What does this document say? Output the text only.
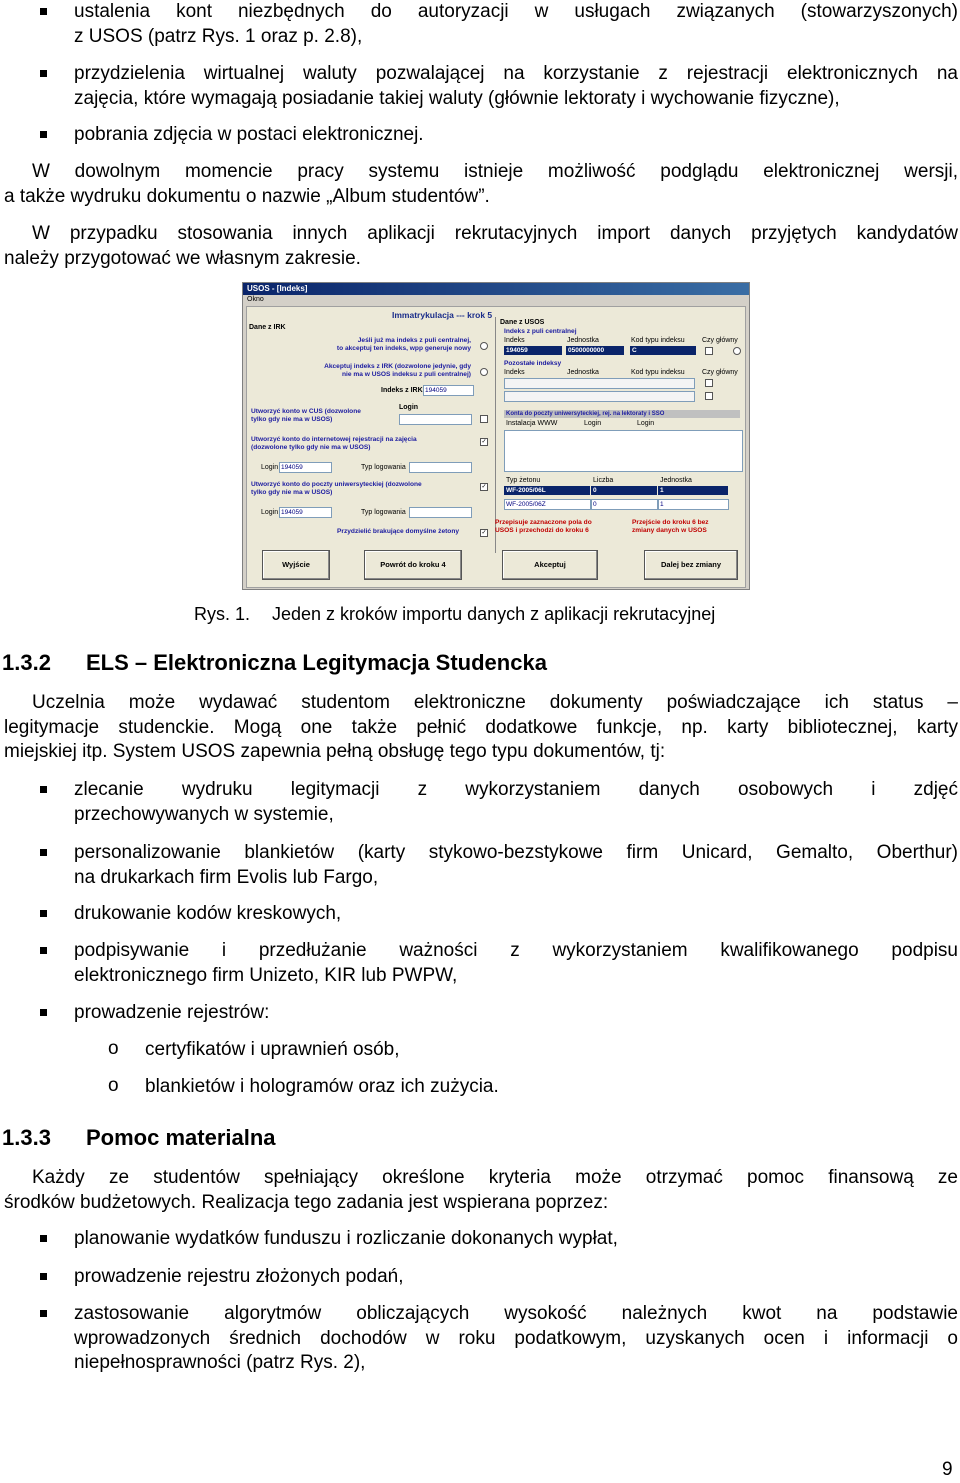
ustalenia kont niezbędnych do autoryzacji w usługach związanych (stowarzyszonych)
z USOS (patrz Rys. 1 oraz p. 2.8),
przydzielenia wirtualnej waluty pozwalającej na korzystanie z rejestracji elektronicznych na
zajęcia, które wymagają posiadanie takiej waluty (głównie lektoraty i wychowanie fizyczne),
pobrania zdjęcia w postaci elektronicznej.
W dowolnym momencie pracy systemu istnieje możliwość podglądu elektronicznej wersji,
a także wydruku dokumentu o nazwie „Album studentów”.
W przypadku stosowania innych aplikacji rekrutacyjnych import danych przyjętych kandydatów
należy przygotować we własnym zakresie.
USOS - [Indeks]
Okno
Immatrykulacja --- krok 5
Dane z IRK
Dane z USOS
Jeśli już ma indeks z puli centralnej,
to akceptuj ten indeks, wpp generuje nowy
Akceptuj indeks z IRK (dozwolone jedynie, gdy
nie ma w USOS indeksu z puli centralnej)
Indeks z IRK 194059
Utworzyć konto w CUS (dozwolone
tylko gdy nie ma w USOS)
Login
Utworzyć konto do internetowej rejestracji na zajęcia
(dozwolone tylko gdy nie ma w USOS)
✓
Login 194059	Typ logowania
Utworzyć konto do poczty uniwersyteckiej (dozwolone
tylko gdy nie ma w USOS)
✓
Login 194059	Typ logowania
Przydzielić brakujące domyślne żetony	✓
Indeks z puli centralnej
Indeks	Jednostka	Kod typu indeksu Czy główny
194059	0500000000	C
Pozostałe indeksy
Indeks	Jednostka	Kod typu indeksu Czy główny
Konta do poczty uniwersyteckiej, rej. na lektoraty i SSO
Instalacja WWW	Login	Login
Typ żetonu	Liczba	Jednostka
WF-2005/06L	0	1
WF-2005/06Z	0	1
Przepisuje zaznaczone pola do
USOS i przechodzi do kroku 6
Przejście do kroku 6 bez
zmiany danych w USOS
Wyjście	Powrót do kroku 4	Akceptuj	Dalej bez zmiany
Rys. 1. Jeden z kroków importu danych z aplikacji rekrutacyjnej
1.3.2 ELS – Elektroniczna Legitymacja Studencka
Uczelnia może wydawać studentom elektroniczne dokumenty poświadczające ich status –
legitymacje studenckie. Mogą one także pełnić dodatkowe funkcje, np. karty bibliotecznej, karty
miejskiej itp. System USOS zapewnia pełną obsługę tego typu dokumentów, tj:
zlecanie wydruku legitymacji z wykorzystaniem danych osobowych i zdjęć
przechowywanych w systemie,
personalizowanie blankietów (karty stykowo-bezstykowe firm Unicard, Gemalto, Oberthur)
na drukarkach firm Evolis lub Fargo,
drukowanie kodów kreskowych,
podpisywanie i przedłużanie ważności z wykorzystaniem kwalifikowanego podpisu
elektronicznego firm Unizeto, KIR lub PWPW,
prowadzenie rejestrów:
o certyfikatów i uprawnień osób,
o blankietów i hologramów oraz ich zużycia.
1.3.3 Pomoc materialna
Każdy ze studentów spełniający określone kryteria może otrzymać pomoc finansową ze
środków budżetowych. Realizacja tego zadania jest wspierana poprzez:
planowanie wydatków funduszu i rozliczanie dokonanych wypłat,
prowadzenie rejestru złożonych podań,
zastosowanie algorytmów obliczających wysokość należnych kwot na podstawie
wprowadzonych średnich dochodów w roku podatkowym, uzyskanych ocen i informacji o
niepełnosprawności (patrz Rys. 2),
9
